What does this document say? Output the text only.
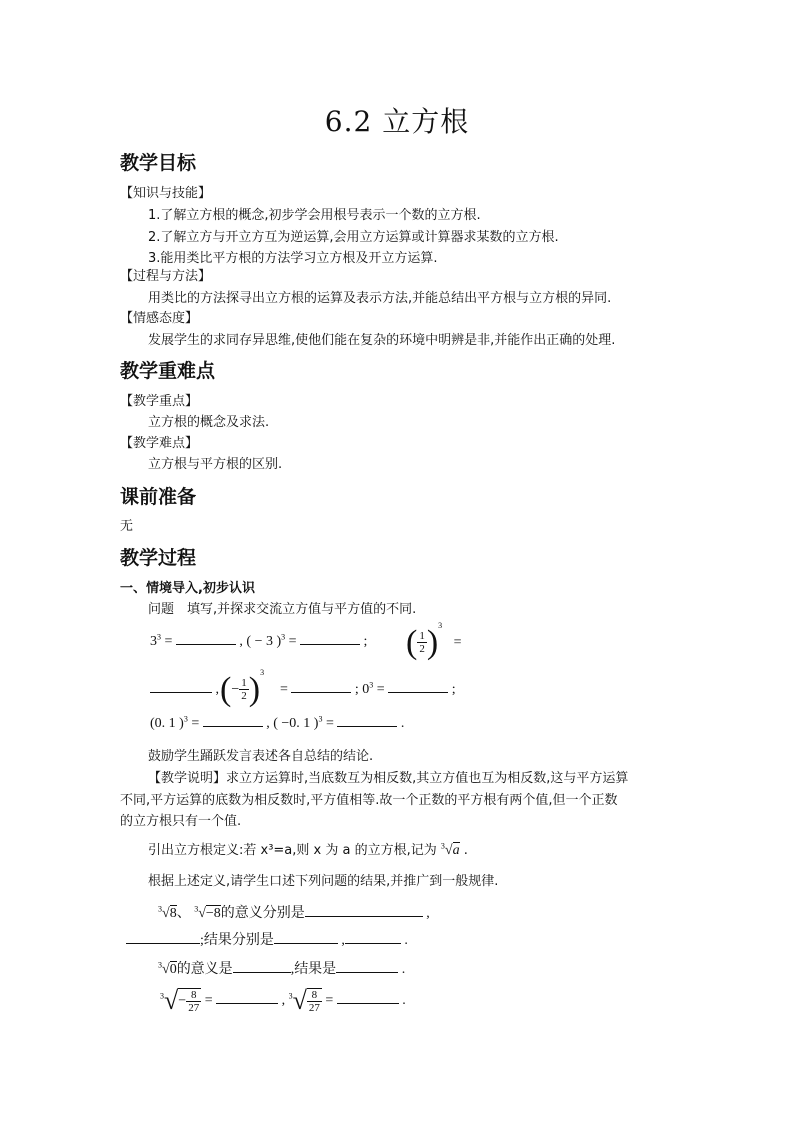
6.2 立方根
教学目标
【知识与技能】
1.了解立方根的概念,初步学会用根号表示一个数的立方根.
2.了解立方与开立方互为逆运算,会用立方运算或计算器求某数的立方根.
3.能用类比平方根的方法学习立方根及开立方运算.
【过程与方法】
用类比的方法探寻出立方根的运算及表示方法,并能总结出平方根与立方根的异同.
【情感态度】
发展学生的求同存异思维,使他们能在复杂的环境中明辨是非,并能作出正确的处理.
教学重难点
【教学重点】
立方根的概念及求法.
【教学难点】
立方根与平方根的区别.
课前准备
无
教学过程
一、情境导入,初步认识
问题　填写,并探求交流立方值与平方值的不同.
$3^3$ =	, ( − 3 )$^3$ =	; ( $\frac{1}{2} )^3$ =
, (− $\frac{1}{2} )^3$
=	; $0^3$ =	;
(0. 1 )$^3$ =	, ( −0. 1 )$^3$ =	.
鼓励学生踊跃发言表述各自总结的结论.
【教学说明】求立方运算时,当底数互为相反数,其立方值也互为相反数,这与平方运算
不同,平方运算的底数为相反数时,平方值相等.故一个正数的平方根有两个值,但一个正数
的立方根只有一个值.
引出立方根定义:若 x³=a,则 x 为 a 的立方根,记为 $^3$√a .
根据上述定义,请学生口述下列问题的结果,并推广到一般规律.
$^3$√8、 $^3$√−8的意义分别是	,
;结果分别是	,	.
$^3$√0的意义是	,结果是	.
$^3√- \frac{8}{27}$ =	, $^3√ \frac{8}{27}$ =	.
